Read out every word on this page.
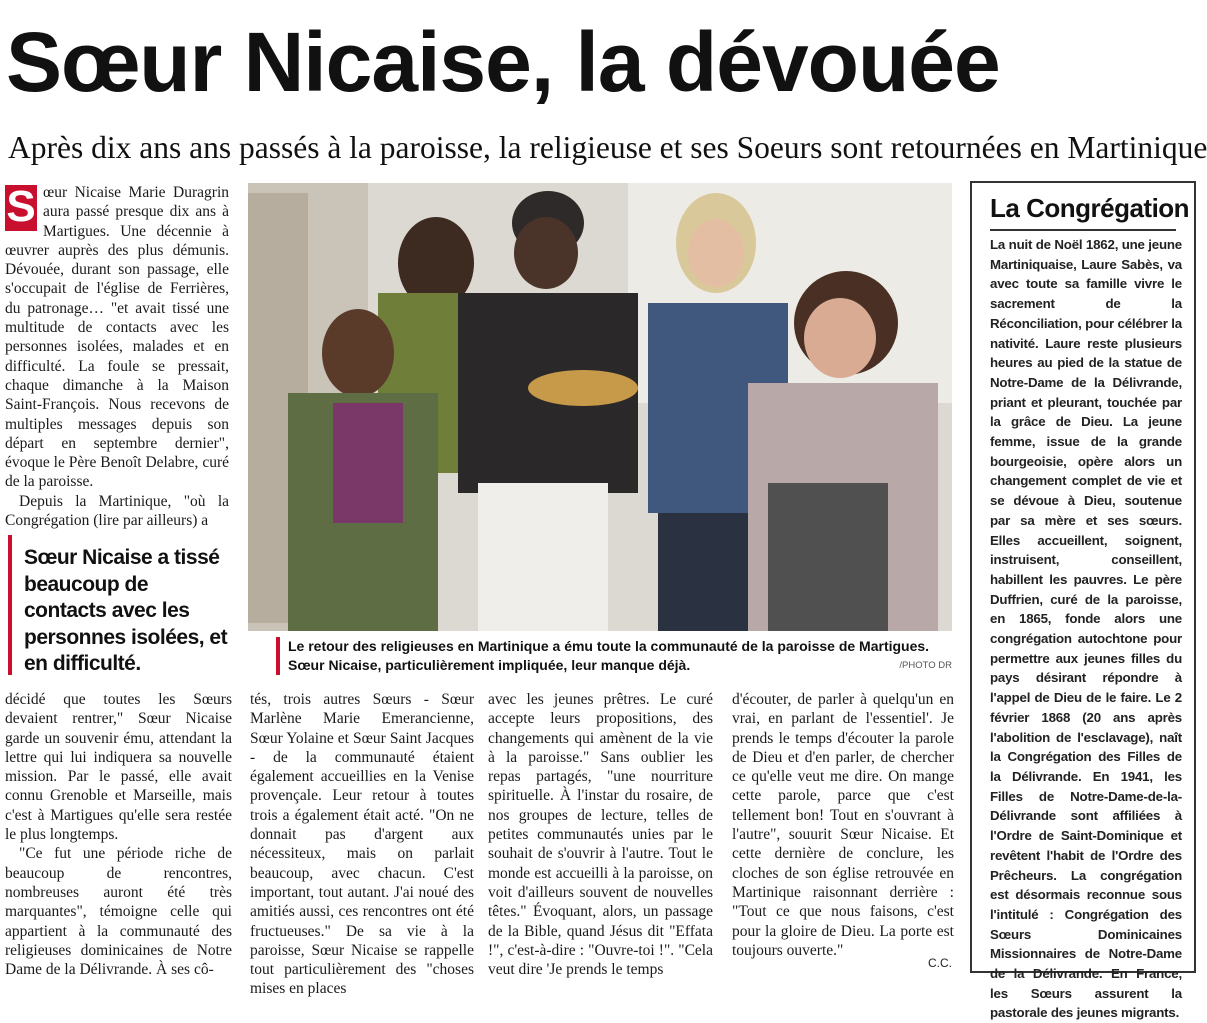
Sœur Nicaise, la dévouée
Après dix ans ans passés à la paroisse, la religieuse et ses Soeurs sont retournées en Martinique
S œur Nicaise Marie Duragrin aura passé presque dix ans à Martigues. Une décennie à œuvrer auprès des plus démunis. Dévouée, durant son passage, elle s'occupait de l'église de Ferrières, du patronage… "et avait tissé une multitude de contacts avec les personnes isolées, malades et en difficulté. La foule se pressait, chaque dimanche à la Maison Saint-François. Nous recevons de multiples messages depuis son départ en septembre dernier", évoque le Père Benoît Delabre, curé de la paroisse.

Depuis la Martinique, "où la Congrégation (lire par ailleurs) a

Sœur Nicaise a tissé beaucoup de contacts avec les personnes isolées, et en difficulté.
Le retour des religieuses en Martinique a ému toute la communauté de la paroisse de Martigues. Sœur Nicaise, particulièrement impliquée, leur manque déjà.	/PHOTO DR

décidé que toutes les Sœurs devaient rentrer," Sœur Nicaise garde un souvenir ému, attendant la lettre qui lui indiquera sa nouvelle mission. Par le passé, elle avait connu Grenoble et Marseille, mais c'est à Martigues qu'elle sera restée le plus longtemps.

"Ce fut une période riche de beaucoup de rencontres, nombreuses auront été très marquantes", témoigne celle qui appartient à la communauté des religieuses dominicaines de Notre Dame de la Délivrande. À ses cô-

tés, trois autres Sœurs - Sœur Marlène Marie Emerancienne, Sœur Yolaine et Sœur Saint Jacques - de la communauté étaient également accueillies en la Venise provençale. Leur retour à toutes trois a également était acté. "On ne donnait pas d'argent aux nécessiteux, mais on parlait beaucoup, avec chacun. C'est important, tout autant. J'ai noué des amitiés aussi, ces rencontres ont été fructueuses." De sa vie à la paroisse, Sœur Nicaise se rappelle tout particulièrement des "choses mises en places

avec les jeunes prêtres. Le curé accepte leurs propositions, des changements qui amènent de la vie à la paroisse." Sans oublier les repas partagés, "une nourriture spirituelle. À l'instar du rosaire, de nos groupes de lecture, telles de petites communautés unies par le souhait de s'ouvrir à l'autre. Tout le monde est accueilli à la paroisse, on voit d'ailleurs souvent de nouvelles têtes." Évoquant, alors, un passage de la Bible, quand Jésus dit "Effata !", c'est-à-dire : "Ouvre-toi !". "Cela veut dire 'Je prends le temps

d'écouter, de parler à quelqu'un en vrai, en parlant de l'essentiel'. Je prends le temps d'écouter la parole de Dieu et d'en parler, de chercher ce qu'elle veut me dire. On mange cette parole, parce que c'est tellement bon! Tout en s'ouvrant à l'autre", souurit Sœur Nicaise. Et cette dernière de conclure, les cloches de son église retrouvée en Martinique raisonnant derrière : "Tout ce que nous faisons, c'est pour la gloire de Dieu. La porte est toujours ouverte."

C.C.
La Congrégation
La nuit de Noël 1862, une jeune Martiniquaise, Laure Sabès, va avec toute sa famille vivre le sacrement de la Réconciliation, pour célébrer la nativité. Laure reste plusieurs heures au pied de la statue de Notre-Dame de la Délivrande, priant et pleurant, touchée par la grâce de Dieu. La jeune femme, issue de la grande bourgeoisie, opère alors un changement complet de vie et se dévoue à Dieu, soutenue par sa mère et ses sœurs. Elles accueillent, soignent, instruisent, conseillent, habillent les pauvres. Le père Duffrien, curé de la paroisse, en 1865, fonde alors une congrégation autochtone pour permettre aux jeunes filles du pays désirant répondre à l'appel de Dieu de le faire. Le 2 février 1868 (20 ans après l'abolition de l'esclavage), naît la Congrégation des Filles de la Délivrande. En 1941, les Filles de Notre-Dame-de-la-Délivrande sont affiliées à l'Ordre de Saint-Dominique et revêtent l'habit de l'Ordre des Prêcheurs. La congrégation est désormais reconnue sous l'intitulé : Congrégation des Sœurs Dominicaines Missionnaires de Notre-Dame de la Délivrande. En France, les Sœurs assurent la pastorale des jeunes migrants.
